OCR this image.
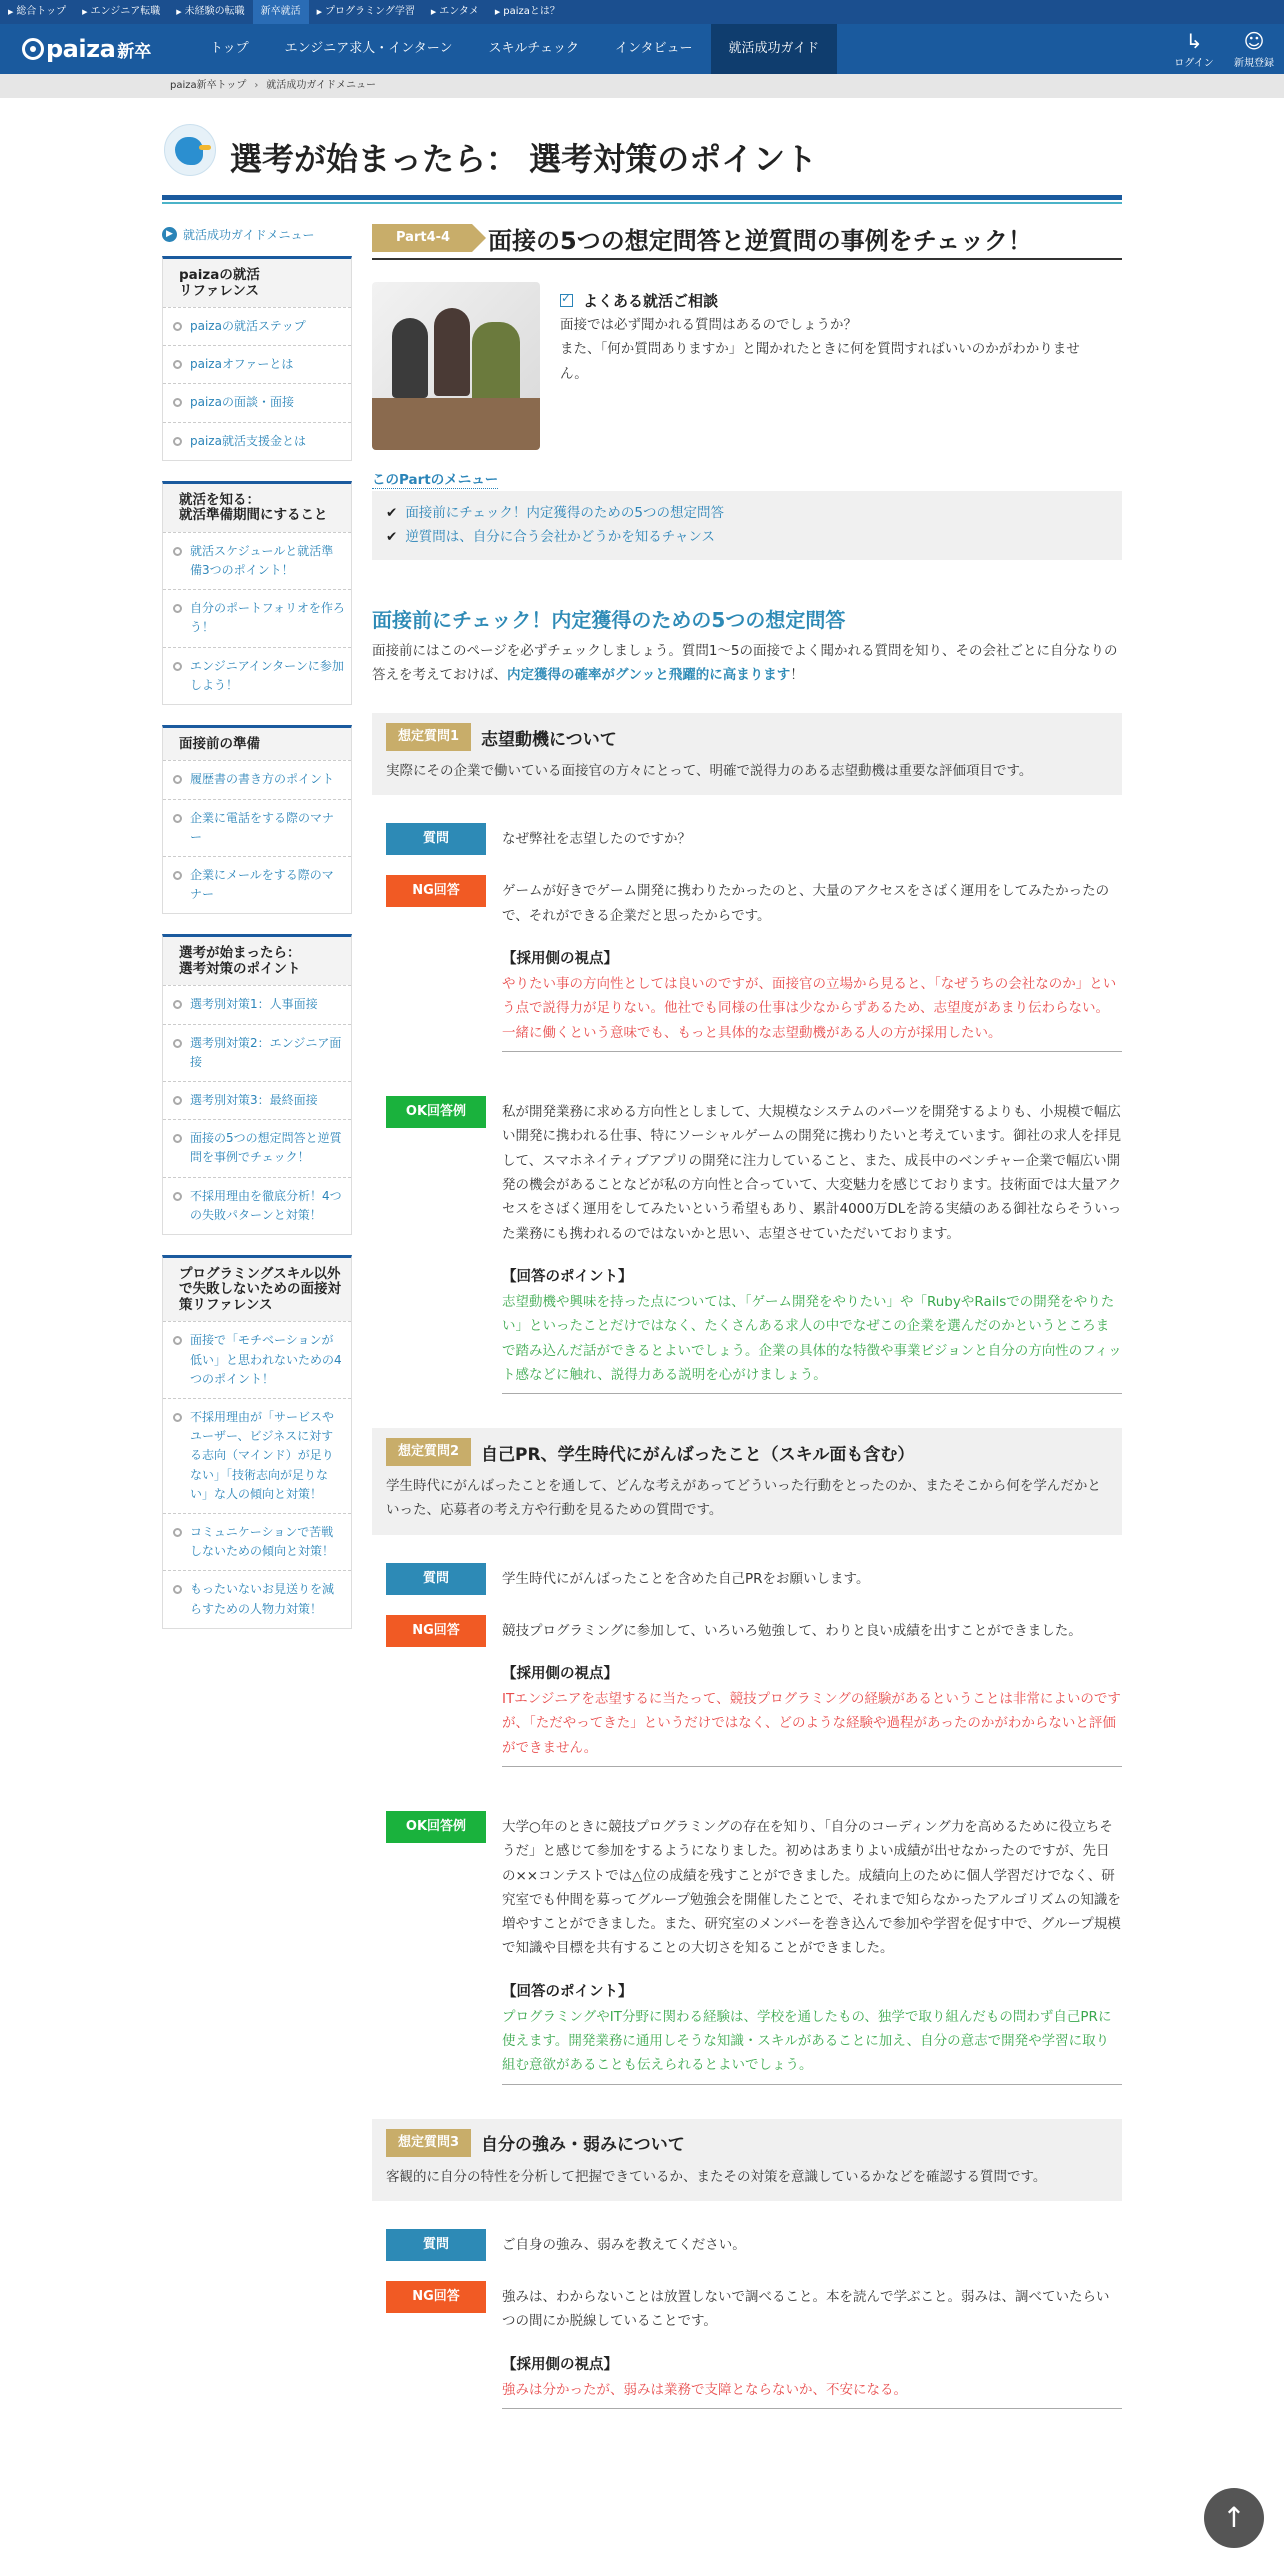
▶ 総合トップ	▶ エンジニア転職	▶ 未経験の転職	新卒就活	▶ プログラミング学習	▶ エンタメ	▶ paizaとは？
paiza 新卒	トップ	エンジニア求人・インターン	スキルチェック	インタビュー	就活成功ガイド	↳
ログイン
☺
新規登録
paiza新卒トップ › 就活成功ガイドメニュー
選考が始まったら： 選考対策のポイント
▶ 就活成功ガイドメニュー
paizaの就活
リファレンス
paizaの就活ステップ
paizaオファーとは
paizaの面談・面接
paiza就活支援金とは
就活を知る：
就活準備期間にすること
就活スケジュールと就活準備3つのポイント！
自分のポートフォリオを作ろう！
エンジニアインターンに参加しよう！
面接前の準備
履歴書の書き方のポイント
企業に電話をする際のマナー
企業にメールをする際のマナー
選考が始まったら：
選考対策のポイント
選考別対策1：人事面接
選考別対策2：エンジニア面接
選考別対策3：最終面接
面接の5つの想定問答と逆質問を事例でチェック！
不採用理由を徹底分析！4つの失敗パターンと対策！
プログラミングスキル以外で失敗しないための面接対策リファレンス
面接で「モチベーションが低い」と思われないための4つのポイント！
不採用理由が「サービスやユーザー、ビジネスに対する志向（マインド）が足りない」「技術志向が足りない」な人の傾向と対策！
コミュニケーションで苦戦しないための傾向と対策！
もったいないお見送りを減らすための人物力対策！
Part4-4	面接の5つの想定問答と逆質問の事例をチェック！
✓
よくある就活ご相談

面接では必ず聞かれる質問はあるのでしょうか？
また、「何か質問ありますか」と聞かれたときに何を質問すればいいのかがわかりません。

このPartのメニュー
✔ 面接前にチェック！内定獲得のための5つの想定問答
✔ 逆質問は、自分に合う会社かどうかを知るチャンス
面接前にチェック！内定獲得のための5つの想定問答
面接前にはこのページを必ずチェックしましょう。質問1～5の面接でよく聞かれる質問を知り、その会社ごとに自分なりの答えを考えておけば、内定獲得の確率がグンッと飛躍的に高まります！
想定質問1	志望動機について
実際にその企業で働いている面接官の方々にとって、明確で説得力のある志望動機は重要な評価項目です。
質問	なぜ弊社を志望したのですか？
NG回答	ゲームが好きでゲーム開発に携わりたかったのと、大量のアクセスをさばく運用をしてみたかったので、それができる企業だと思ったからです。
【採用側の視点】
やりたい事の方向性としては良いのですが、面接官の立場から見ると、「なぜうちの会社なのか」という点で説得力が足りない。他社でも同様の仕事は少なからずあるため、志望度があまり伝わらない。一緒に働くという意味でも、もっと具体的な志望動機がある人の方が採用したい。
OK回答例	私が開発業務に求める方向性としまして、大規模なシステムのパーツを開発するよりも、小規模で幅広い開発に携われる仕事、特にソーシャルゲームの開発に携わりたいと考えています。御社の求人を拝見して、スマホネイティブアプリの開発に注力していること、また、成長中のベンチャー企業で幅広い開発の機会があることなどが私の方向性と合っていて、大変魅力を感じております。技術面では大量アクセスをさばく運用をしてみたいという希望もあり、累計4000万DLを誇る実績のある御社ならそういった業務にも携われるのではないかと思い、志望させていただいております。
【回答のポイント】
志望動機や興味を持った点については、「ゲーム開発をやりたい」や「RubyやRailsでの開発をやりたい」といったことだけではなく、たくさんある求人の中でなぜこの企業を選んだのかというところまで踏み込んだ話ができるとよいでしょう。企業の具体的な特徴や事業ビジョンと自分の方向性のフィット感などに触れ、説得力ある説明を心がけましょう。
想定質問2	自己PR、学生時代にがんばったこと（スキル面も含む）
学生時代にがんばったことを通して、どんな考えがあってどういった行動をとったのか、またそこから何を学んだかといった、応募者の考え方や行動を見るための質問です。
質問	学生時代にがんばったことを含めた自己PRをお願いします。
NG回答	競技プログラミングに参加して、いろいろ勉強して、わりと良い成績を出すことができました。
【採用側の視点】
ITエンジニアを志望するに当たって、競技プログラミングの経験があるということは非常によいのですが、「ただやってきた」というだけではなく、どのような経験や過程があったのかがわからないと評価ができません。
OK回答例	大学○年のときに競技プログラミングの存在を知り、「自分のコーディング力を高めるために役立ちそうだ」と感じて参加をするようになりました。初めはあまりよい成績が出せなかったのですが、先日の××コンテストでは△位の成績を残すことができました。成績向上のために個人学習だけでなく、研究室でも仲間を募ってグループ勉強会を開催したことで、それまで知らなかったアルゴリズムの知識を増やすことができました。また、研究室のメンバーを巻き込んで参加や学習を促す中で、グループ規模で知識や目標を共有することの大切さを知ることができました。
【回答のポイント】
プログラミングやIT分野に関わる経験は、学校を通したもの、独学で取り組んだもの問わず自己PRに使えます。開発業務に通用しそうな知識・スキルがあることに加え、自分の意志で開発や学習に取り組む意欲があることも伝えられるとよいでしょう。
想定質問3	自分の強み・弱みについて
客観的に自分の特性を分析して把握できているか、またその対策を意識しているかなどを確認する質問です。
質問	ご自身の強み、弱みを教えてください。
NG回答	強みは、わからないことは放置しないで調べること。本を読んで学ぶこと。弱みは、調べていたらいつの間にか脱線していることです。
【採用側の視点】
強みは分かったが、弱みは業務で支障とならないか、不安になる。
↑
